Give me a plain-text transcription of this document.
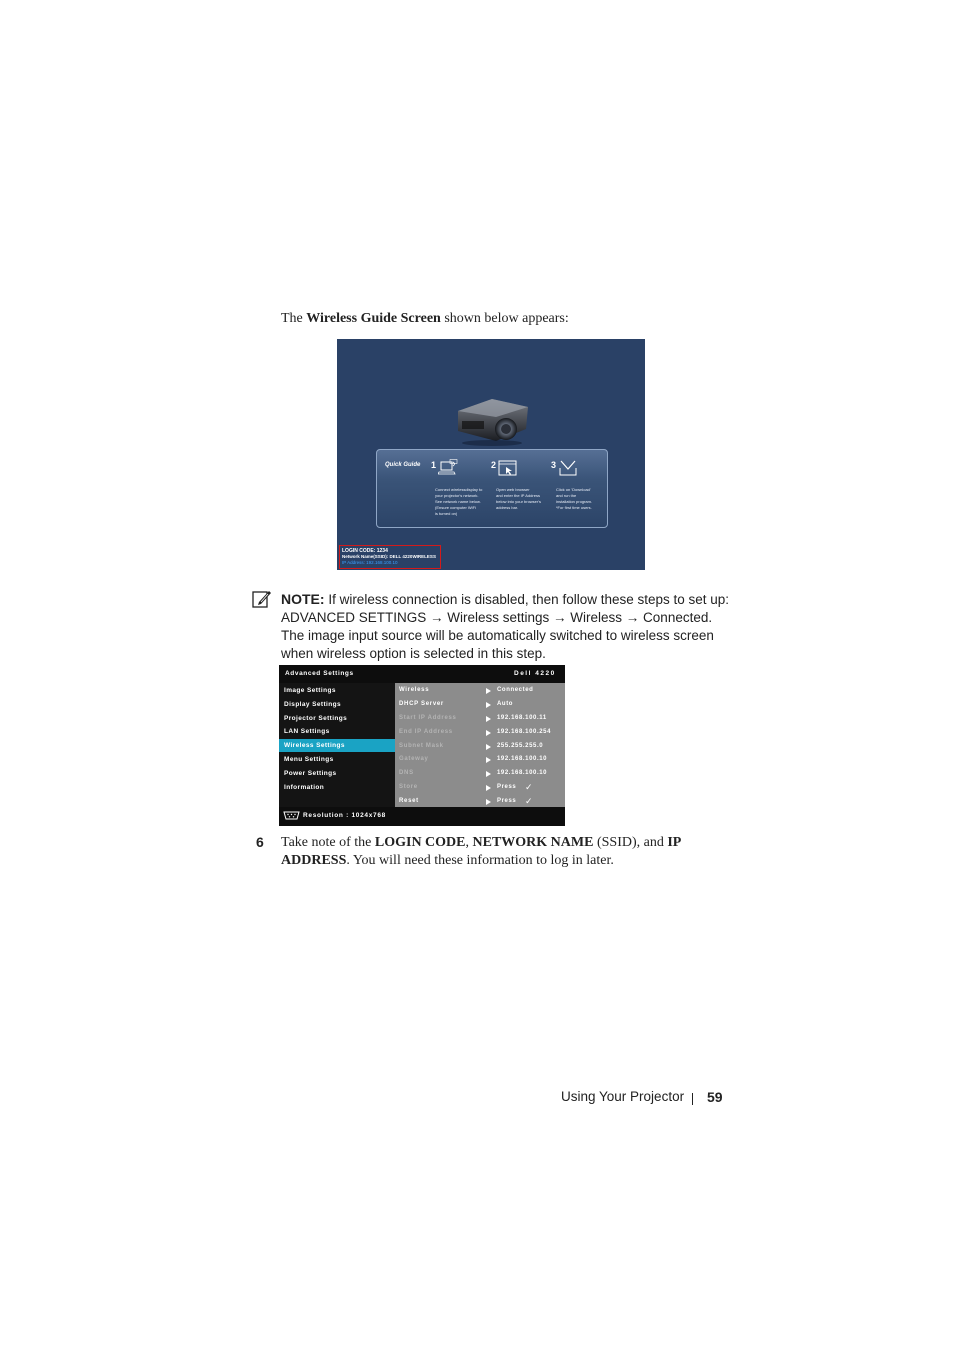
The Wireless Guide Screen shown below appears:
Quick Guide 1
Connect wirelessdisplay to
your projector's network.
See network name below.
(Ensure computer WiFi
is turned on)
2
Open web browser
and enter the IP Address
below into your browser's
address bar.
3
Click on 'Download'
and run the
installation program.
*For first time users.
LOGIN CODE: 1234
Network Name(SSID): DELL 4220WIRELESS
IP Address: 192.168.100.10
NOTE: If wireless connection is disabled, then follow these steps to set up: ADVANCED SETTINGS → Wireless settings → Wireless → Connected. The image input source will be automatically switched to wireless screen when wireless option is selected in this step.
Advanced Settings	Dell 4220
Image Settings
Display Settings
Projector Settings
LAN Settings
Wireless Settings
Menu Settings
Power Settings
Information
Wireless	Connected
DHCP Server	Auto
Start IP Address	192.168.100.11
End IP Address	192.168.100.254
Subnet Mask	255.255.255.0
Gateway	192.168.100.10
DNS	192.168.100.10
Store	Press ✓
Reset	Press ✓
Resolution : 1024x768
6 Take note of the LOGIN CODE, NETWORK NAME (SSID), and IP ADDRESS. You will need these information to log in later.
Using Your Projector 59
